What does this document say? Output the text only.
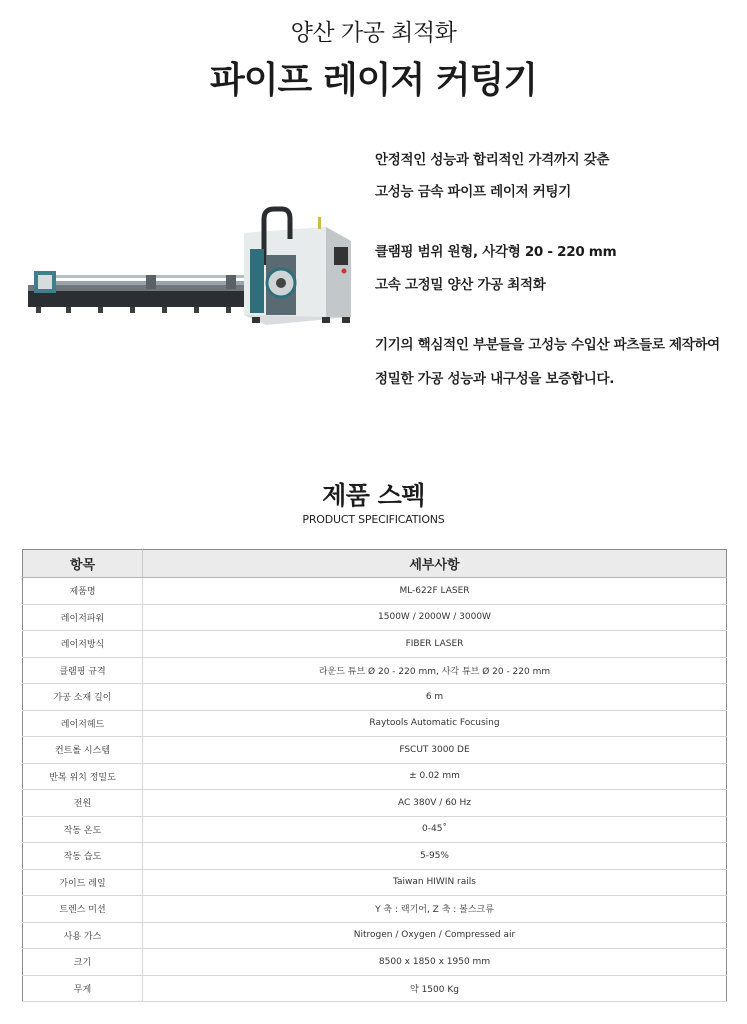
양산 가공 최적화
파이프 레이저 커팅기

안정적인 성능과 합리적인 가격까지 갖춘

고성능 금속 파이프 레이저 커팅기

클램핑 범위 원형, 사각형 20 - 220 mm

고속 고정밀 양산 가공 최적화

기기의 핵심적인 부분들을 고성능 수입산 파츠들로 제작하여

정밀한 가공 성능과 내구성을 보증합니다.

제품 스펙
PRODUCT SPECIFICATIONS
항목	세부사항
제품명	ML-622F LASER
레이저파워	1500W / 2000W / 3000W
레이저방식	FIBER LASER
클램핑 규격	라운드 튜브 Ø 20 - 220 mm, 사각 튜브 Ø 20 - 220 mm
가공 소재 길이	6 m
레이저헤드	Raytools Automatic Focusing
컨트롤 시스템	FSCUT 3000 DE
반복 위치 정밀도	± 0.02 mm
전원	AC 380V / 60 Hz
작동 온도	0-45˚
작동 습도	5-95%
가이드 레일	Taiwan HIWIN rails
트렌스 미션	Y 축 : 랙기어, Z 축 : 볼스크류
사용 가스	Nitrogen / Oxygen / Compressed air
크기	8500 x 1850 x 1950 mm
무게	약 1500 Kg
